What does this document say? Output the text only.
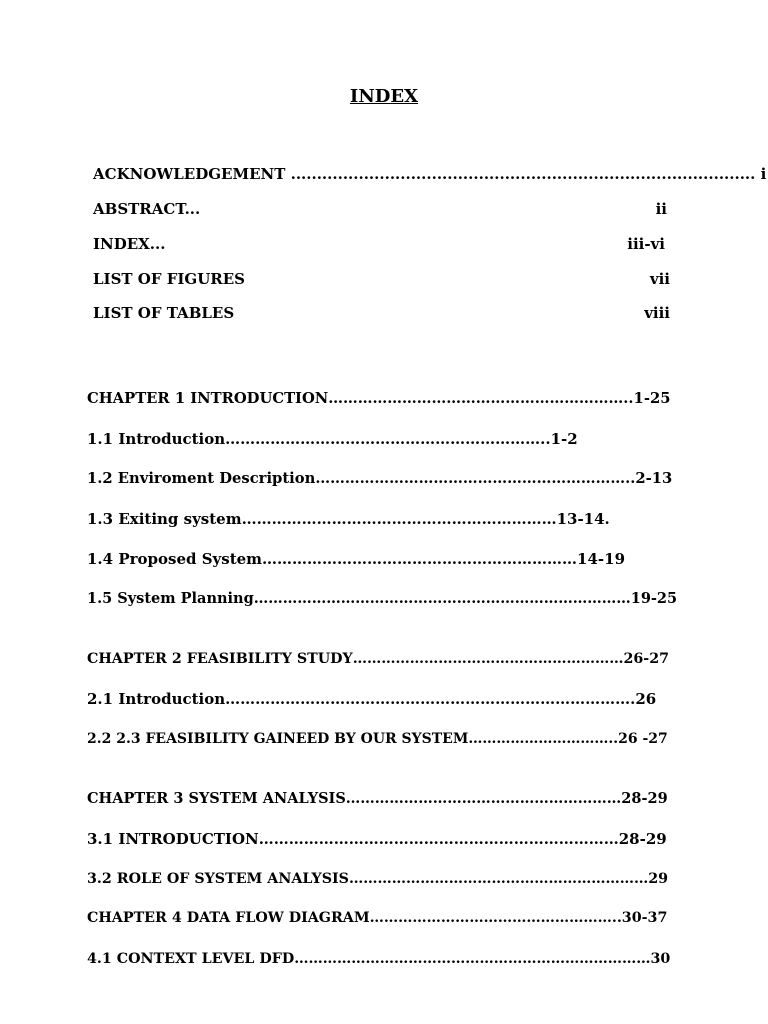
INDEX
ACKNOWLEDGEMENT ......................................................................................... i
ABSTRACT...	ii
INDEX...	iii-vi
LIST OF FIGURES	vii
LIST OF TABLES	viii
CHAPTER 1 INTRODUCTION……………………………………………………..1-25
1.1 Introduction………………………………………………………..1-2
1.2 Enviroment Description………………………………………………………..2-13
1.3 Exiting system………………………………………………………13-14.
1.4 Proposed System………………………………………………………14-19
1.5 System Planning……………………………………………………………………19-25
CHAPTER 2 FEASIBILITY STUDY…………………………………………………26-27
2.1 Introduction……………………………………………………………………….26
2.2 2.3 FEASIBILITY GAINEED BY OUR SYSTEM…………………………..26 -27
CHAPTER 3 SYSTEM ANALYSIS…………………………………………………28-29
3.1 INTRODUCTION………………………………………………………………28-29
3.2 ROLE OF SYSTEM ANALYSIS………………………………………………………29
CHAPTER 4 DATA FLOW DIAGRAM……………………………………………..30-37
4.1 CONTEXT LEVEL DFD…………………………………………………………………30
